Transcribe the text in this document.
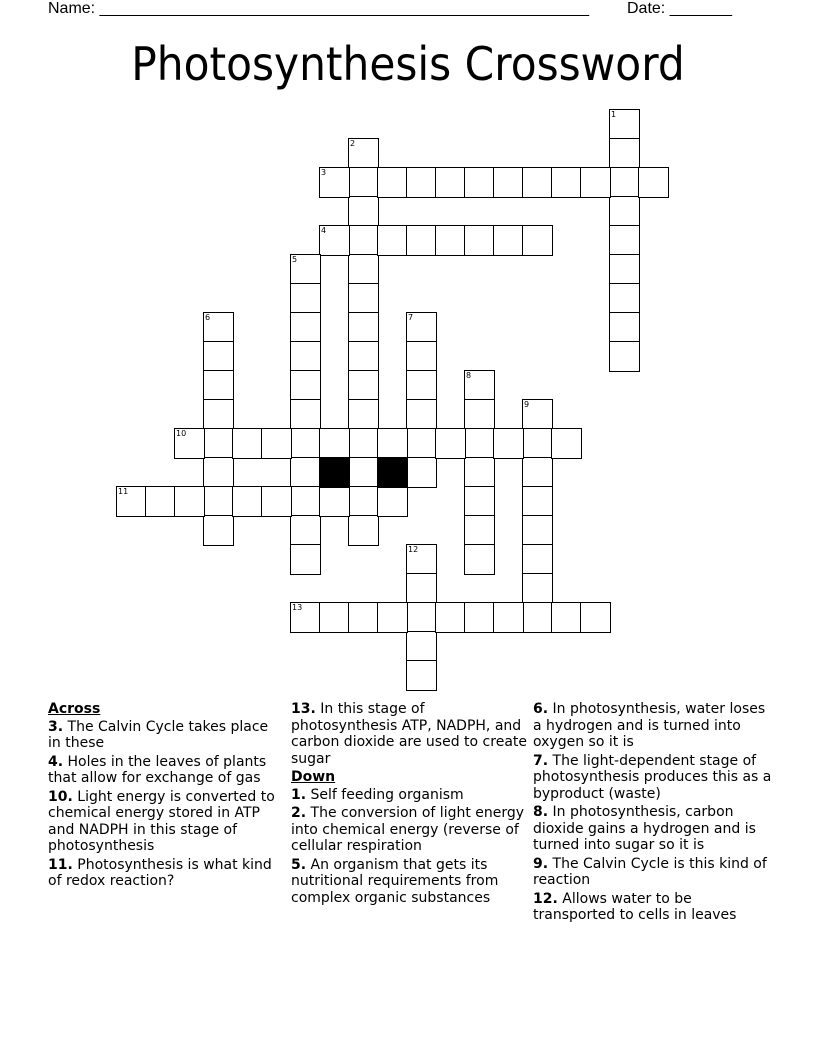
Name: _______________________________________________________ Date: _______
Photosynthesis Crossword
1
2
3
4
5
6	7
8
9
10
11
12
13
Across
3. The Calvin Cycle takes place in these
4. Holes in the leaves of plants that allow for exchange of gas
10. Light energy is converted to chemical energy stored in ATP and NADPH in this stage of photosynthesis
11. Photosynthesis is what kind of redox reaction?
13. In this stage of photosynthesis ATP, NADPH, and carbon dioxide are used to create sugar
Down
1. Self feeding organism
2. The conversion of light energy into chemical energy (reverse of cellular respiration
5. An organism that gets its nutritional requirements from complex organic substances
6. In photosynthesis, water loses a hydrogen and is turned into oxygen so it is
7. The light-dependent stage of photosynthesis produces this as a byproduct (waste)
8. In photosynthesis, carbon dioxide gains a hydrogen and is turned into sugar so it is
9. The Calvin Cycle is this kind of reaction
12. Allows water to be transported to cells in leaves
